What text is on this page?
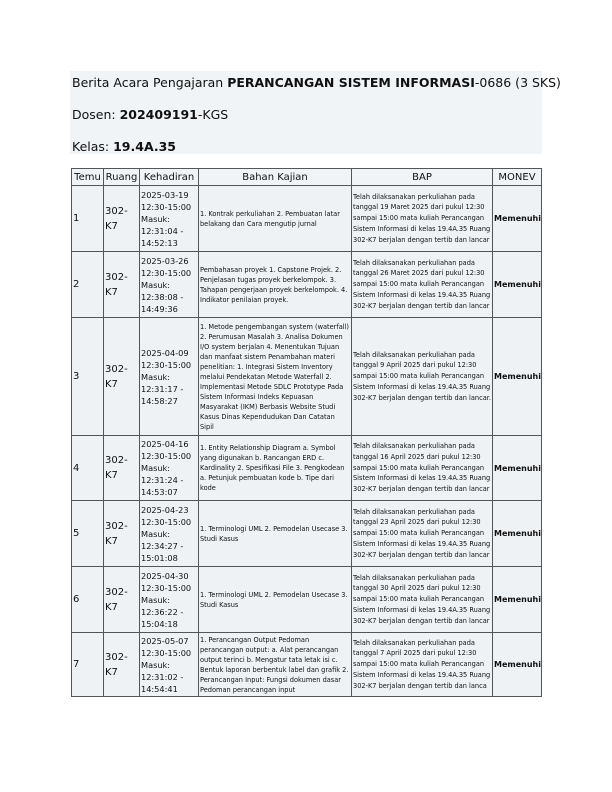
Berita Acara Pengajaran PERANCANGAN SISTEM INFORMASI-0686 (3 SKS)
Dosen: 202409191-KGS
Kelas: 19.4A.35
Temu	Ruang	Kehadiran	Bahan Kajian	BAP	MONEV
1	302-K7	2025-03-19 12:30-15:00 Masuk: 12:31:04 - 14:52:13	1. Kontrak perkuliahan 2. Pembuatan latar belakang dan Cara mengutip jurnal	Telah dilaksanakan perkuliahan pada tanggal 19 Maret 2025 dari pukul 12:30 sampai 15:00 mata kuliah Perancangan Sistem Informasi di kelas 19.4A.35 Ruang 302-K7 berjalan dengan tertib dan lancar	Memenuhi
2	302-K7	2025-03-26 12:30-15:00 Masuk: 12:38:08 - 14:49:36	Pembahasan proyek 1. Capstone Projek. 2. Penjelasan tugas proyek berkelompok. 3. Tahapan pengerjaan proyek berkelompok. 4. Indikator penilaian proyek.	Telah dilaksanakan perkuliahan pada tanggal 26 Maret 2025 dari pukul 12:30 sampai 15:00 mata kuliah Perancangan Sistem Informasi di kelas 19.4A.35 Ruang 302-K7 berjalan dengan tertib dan lancar	Memenuhi
3	302-K7	2025-04-09 12:30-15:00 Masuk: 12:31:17 - 14:58:27	1. Metode pengembangan system (waterfall) 2. Perumusan Masalah 3. Analisa Dokumen I/O system berjalan 4. Menentukan Tujuan dan manfaat sistem Penambahan materi penelitian: 1. Integrasi Sistem Inventory melalui Pendekatan Metode Waterfall 2. Implementasi Metode SDLC Prototype Pada Sistem Informasi Indeks Kepuasan Masyarakat (IKM) Berbasis Website Studi Kasus Dinas Kependudukan Dan Catatan Sipil	Telah dilaksanakan perkuliahan pada tanggal 9 April 2025 dari pukul 12:30 sampai 15:00 mata kuliah Perancangan Sistem Informasi di kelas 19.4A.35 Ruang 302-K7 berjalan dengan tertib dan lancar.	Memenuhi
4	302-K7	2025-04-16 12:30-15:00 Masuk: 12:31:24 - 14:53:07	1. Entity Relationship Diagram a. Symbol yang digunakan b. Rancangan ERD c. Kardinality 2. Spesifikasi File 3. Pengkodean a. Petunjuk pembuatan kode b. Tipe dari kode	Telah dilaksanakan perkuliahan pada tanggal 16 April 2025 dari pukul 12:30 sampai 15:00 mata kuliah Perancangan Sistem Informasi di kelas 19.4A.35 Ruang 302-K7 berjalan dengan tertib dan lancar	Memenuhi
5	302-K7	2025-04-23 12:30-15:00 Masuk: 12:34:27 - 15:01:08	1. Terminologi UML 2. Pemodelan Usecase 3. Studi Kasus	Telah dilaksanakan perkuliahan pada tanggal 23 April 2025 dari pukul 12:30 sampai 15:00 mata kuliah Perancangan Sistem Informasi di kelas 19.4A.35 Ruang 302-K7 berjalan dengan tertib dan lancar	Memenuhi
6	302-K7	2025-04-30 12:30-15:00 Masuk: 12:36:22 - 15:04:18	1. Terminologi UML 2. Pemodelan Usecase 3. Studi Kasus	Telah dilaksanakan perkuliahan pada tanggal 30 April 2025 dari pukul 12:30 sampai 15:00 mata kuliah Perancangan Sistem Informasi di kelas 19.4A.35 Ruang 302-K7 berjalan dengan tertib dan lancar	Memenuhi
7	302-K7	2025-05-07 12:30-15:00 Masuk: 12:31:02 - 14:54:41	1. Perancangan Output Pedoman perancangan output: a. Alat perancangan output terinci b. Mengatur tata letak isi c. Bentuk laporan berbentuk label dan grafik 2. Perancangan Input: Fungsi dokumen dasar Pedoman perancangan input	Telah dilaksanakan perkuliahan pada tanggal 7 April 2025 dari pukul 12:30 sampai 15:00 mata kuliah Perancangan Sistem Informasi di kelas 19.4A.35 Ruang 302-K7 berjalan dengan tertib dan lanca	Memenuhi
